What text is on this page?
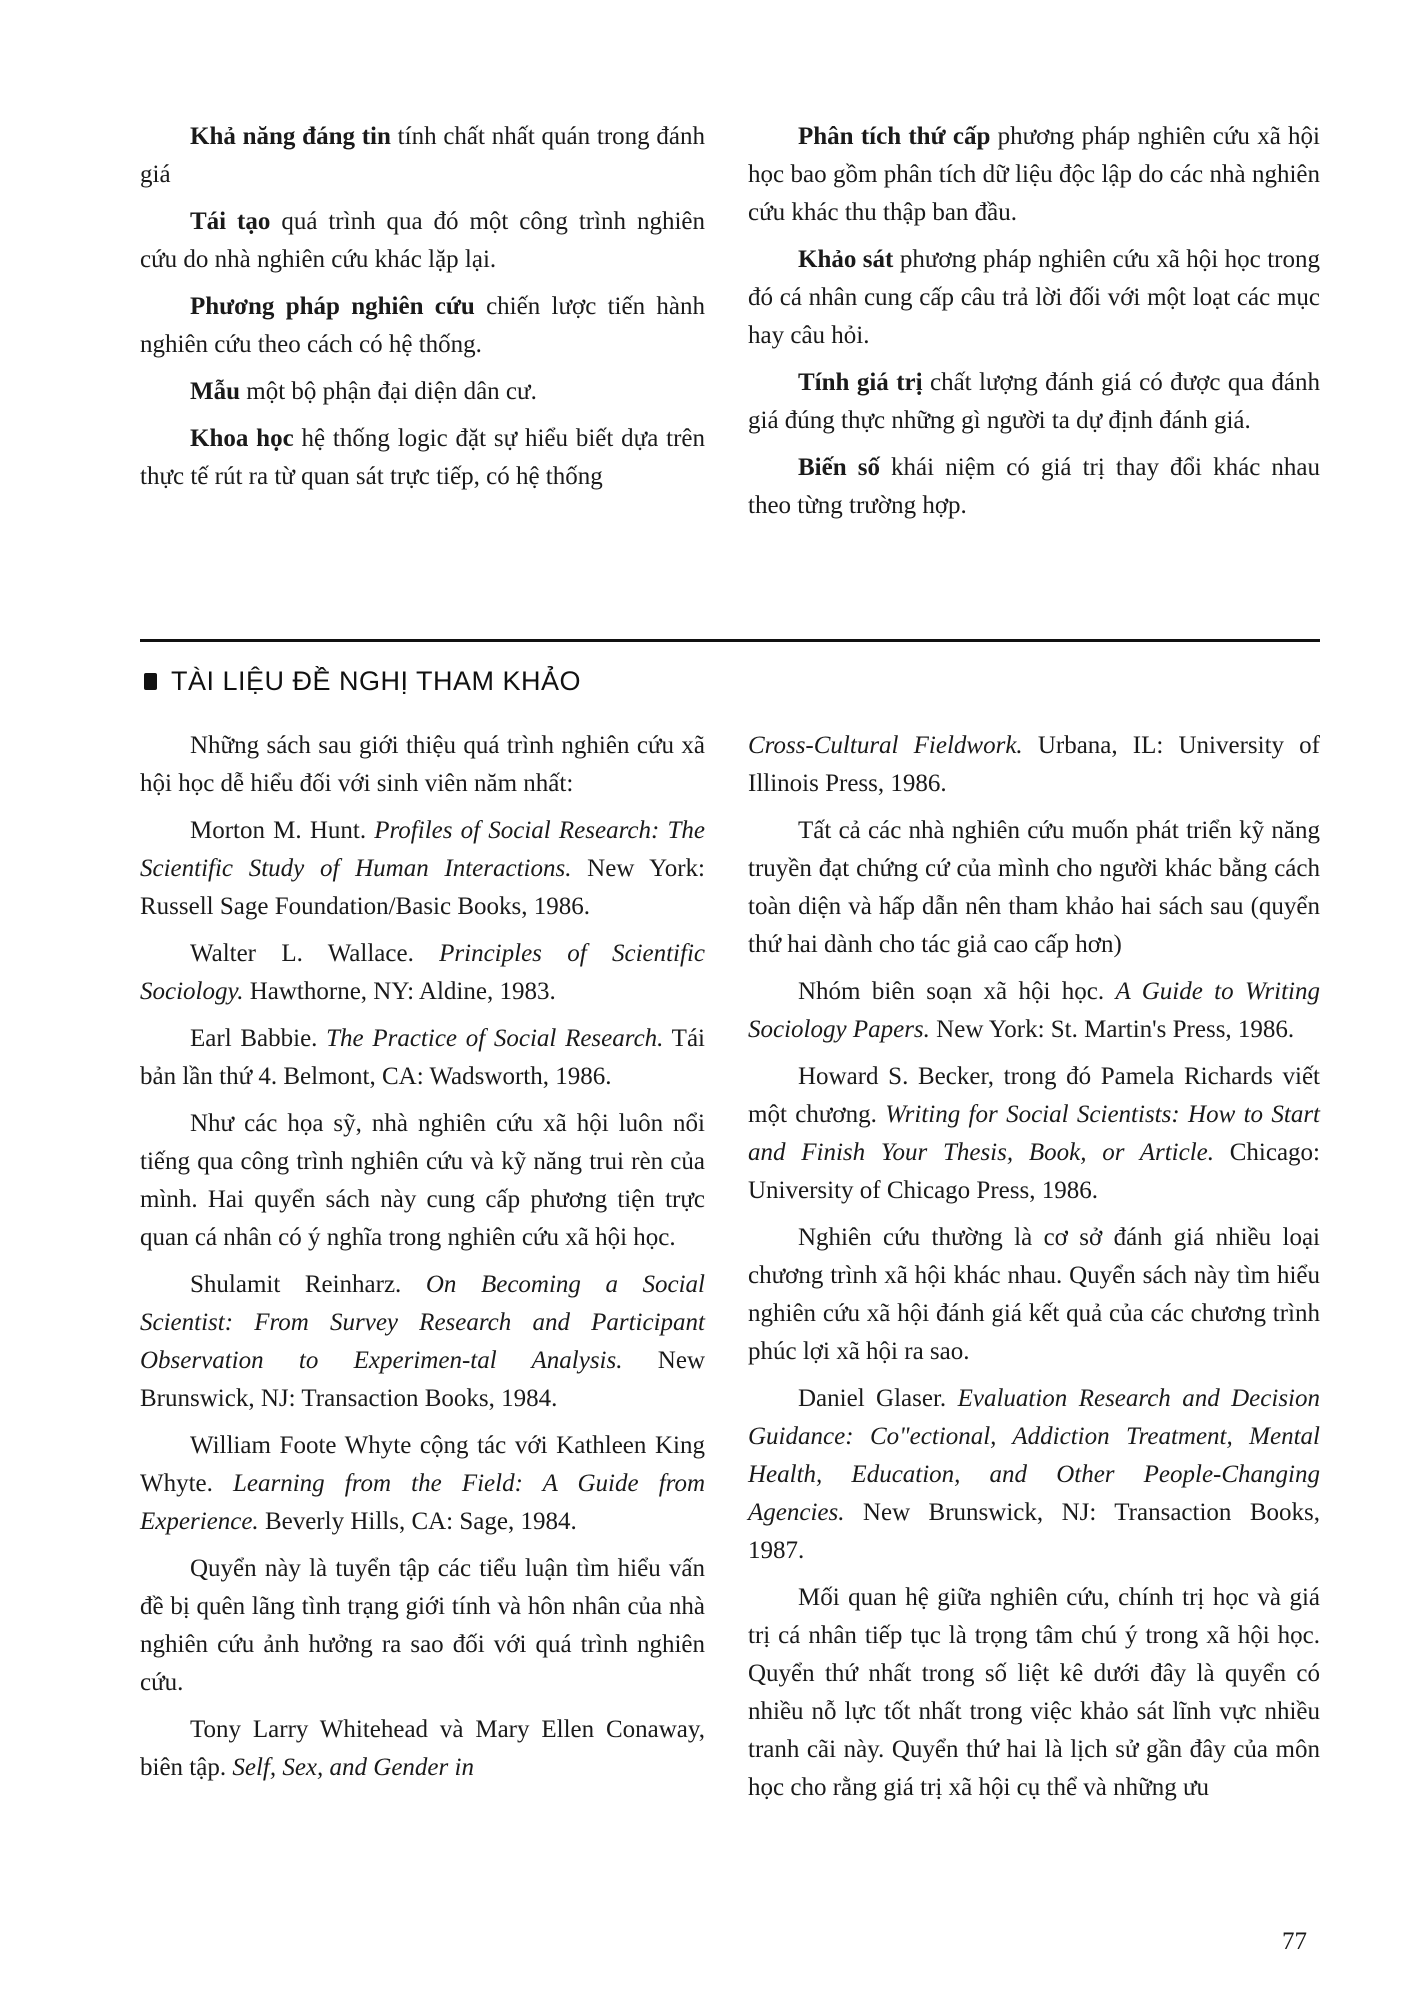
Khả năng đáng tin tính chất nhất quán trong đánh giá

Tái tạo quá trình qua đó một công trình nghiên cứu do nhà nghiên cứu khác lặp lại.

Phương pháp nghiên cứu chiến lược tiến hành nghiên cứu theo cách có hệ thống.

Mẫu một bộ phận đại diện dân cư.

Khoa học hệ thống logic đặt sự hiểu biết dựa trên thực tế rút ra từ quan sát trực tiếp, có hệ thống

Phân tích thứ cấp phương pháp nghiên cứu xã hội học bao gồm phân tích dữ liệu độc lập do các nhà nghiên cứu khác thu thập ban đầu.

Khảo sát phương pháp nghiên cứu xã hội học trong đó cá nhân cung cấp câu trả lời đối với một loạt các mục hay câu hỏi.

Tính giá trị chất lượng đánh giá có được qua đánh giá đúng thực những gì người ta dự định đánh giá.

Biến số khái niệm có giá trị thay đổi khác nhau theo từng trường hợp.

TÀI LIỆU ĐỀ NGHỊ THAM KHẢO

Những sách sau giới thiệu quá trình nghiên cứu xã hội học dễ hiểu đối với sinh viên năm nhất:

Morton M. Hunt. Profiles of Social Research: The Scientific Study of Human Interactions. New York: Russell Sage Foundation/Basic Books, 1986.

Walter L. Wallace. Principles of Scientific Sociology. Hawthorne, NY: Aldine, 1983.

Earl Babbie. The Practice of Social Research. Tái bản lần thứ 4. Belmont, CA: Wadsworth, 1986.

Như các họa sỹ, nhà nghiên cứu xã hội luôn nổi tiếng qua công trình nghiên cứu và kỹ năng trui rèn của mình. Hai quyển sách này cung cấp phương tiện trực quan cá nhân có ý nghĩa trong nghiên cứu xã hội học.

Shulamit Reinharz. On Becoming a Social Scientist: From Survey Research and Participant Observation to Experimen-tal Analysis. New Brunswick, NJ: Transaction Books, 1984.

William Foote Whyte cộng tác với Kathleen King Whyte. Learning from the Field: A Guide from Experience. Beverly Hills, CA: Sage, 1984.

Quyển này là tuyển tập các tiểu luận tìm hiểu vấn đề bị quên lãng tình trạng giới tính và hôn nhân của nhà nghiên cứu ảnh hưởng ra sao đối với quá trình nghiên cứu.

Tony Larry Whitehead và Mary Ellen Conaway, biên tập. Self, Sex, and Gender in

Cross-Cultural Fieldwork. Urbana, IL: University of Illinois Press, 1986.

Tất cả các nhà nghiên cứu muốn phát triển kỹ năng truyền đạt chứng cứ của mình cho người khác bằng cách toàn diện và hấp dẫn nên tham khảo hai sách sau (quyển thứ hai dành cho tác giả cao cấp hơn)

Nhóm biên soạn xã hội học. A Guide to Writing Sociology Papers. New York: St. Martin's Press, 1986.

Howard S. Becker, trong đó Pamela Richards viết một chương. Writing for Social Scientists: How to Start and Finish Your Thesis, Book, or Article. Chicago: University of Chicago Press, 1986.

Nghiên cứu thường là cơ sở đánh giá nhiều loại chương trình xã hội khác nhau. Quyển sách này tìm hiểu nghiên cứu xã hội đánh giá kết quả của các chương trình phúc lợi xã hội ra sao.

Daniel Glaser. Evaluation Research and Decision Guidance: Co"ectional, Addiction Treatment, Mental Health, Education, and Other People-Changing Agencies. New Brunswick, NJ: Transaction Books, 1987.

Mối quan hệ giữa nghiên cứu, chính trị học và giá trị cá nhân tiếp tục là trọng tâm chú ý trong xã hội học. Quyển thứ nhất trong số liệt kê dưới đây là quyển có nhiều nỗ lực tốt nhất trong việc khảo sát lĩnh vực nhiều tranh cãi này. Quyển thứ hai là lịch sử gần đây của môn học cho rằng giá trị xã hội cụ thể và những ưu

77
